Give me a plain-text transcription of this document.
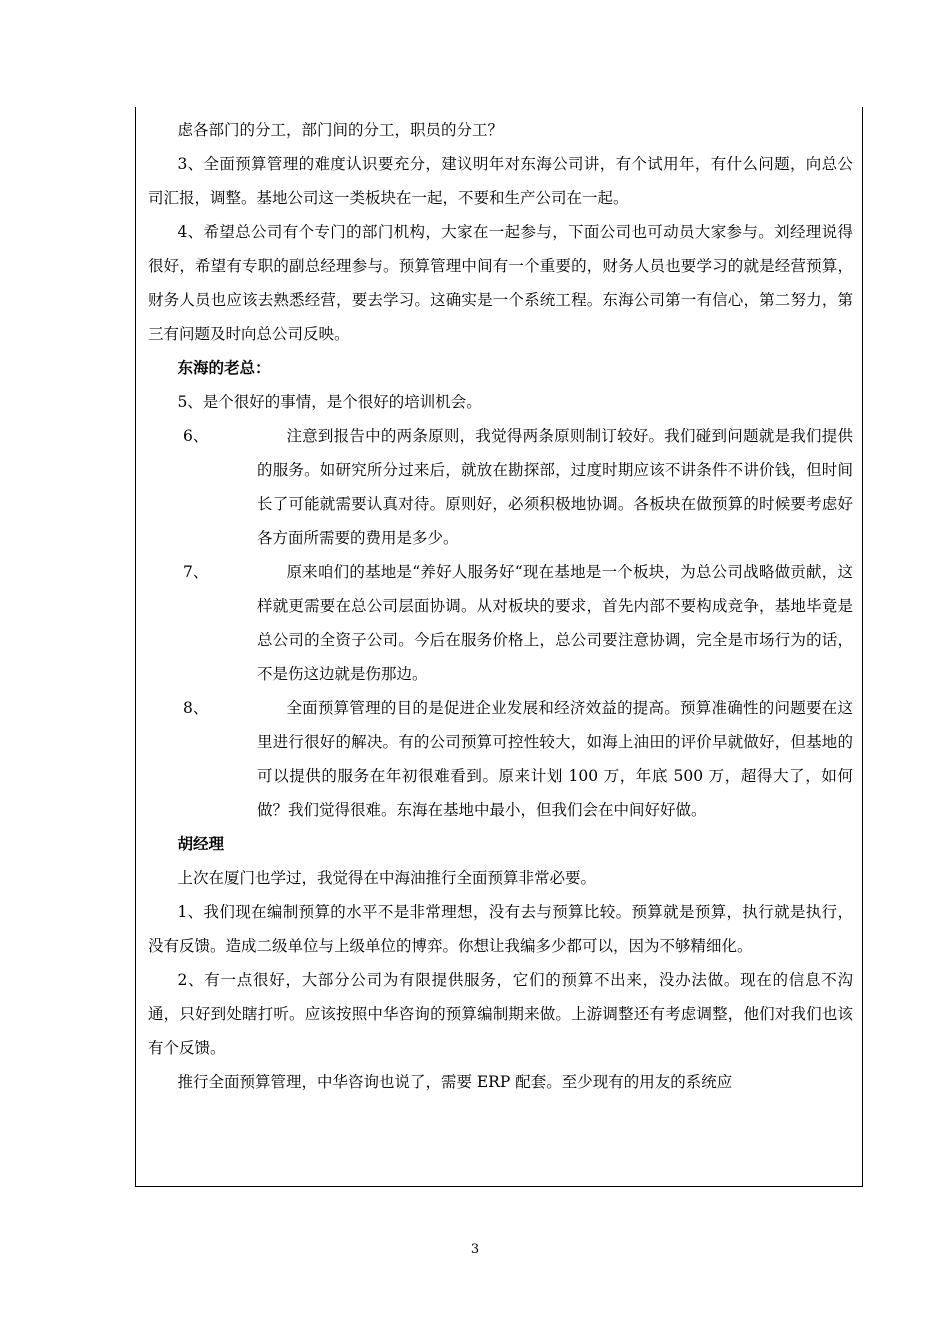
虑各部门的分工，部门间的分工，职员的分工？

3、全面预算管理的难度认识要充分，建议明年对东海公司讲，有个试用年，有什么问题，向总公司汇报，调整。基地公司这一类板块在一起，不要和生产公司在一起。

4、希望总公司有个专门的部门机构，大家在一起参与，下面公司也可动员大家参与。刘经理说得很好，希望有专职的副总经理参与。预算管理中间有一个重要的，财务人员也要学习的就是经营预算，财务人员也应该去熟悉经营，要去学习。这确实是一个系统工程。东海公司第一有信心，第二努力，第三有问题及时向总公司反映。

东海的老总：

5、是个很好的事情，是个很好的培训机会。

6、	注意到报告中的两条原则，我觉得两条原则制订较好。我们碰到问题就是我们提供的服务。如研究所分过来后，就放在勘探部，过度时期应该不讲条件不讲价钱，但时间长了可能就需要认真对待。原则好，必须积极地协调。各板块在做预算的时候要考虑好各方面所需要的费用是多少。
7、	原来咱们的基地是“养好人服务好“现在基地是一个板块，为总公司战略做贡献，这样就更需要在总公司层面协调。从对板块的要求，首先内部不要构成竞争，基地毕竟是总公司的全资子公司。今后在服务价格上，总公司要注意协调，完全是市场行为的话，不是伤这边就是伤那边。
8、	全面预算管理的目的是促进企业发展和经济效益的提高。预算准确性的问题要在这里进行很好的解决。有的公司预算可控性较大，如海上油田的评价早就做好，但基地的可以提供的服务在年初很难看到。原来计划 100 万，年底 500 万，超得大了，如何做？我们觉得很难。东海在基地中最小，但我们会在中间好好做。

胡经理

上次在厦门也学过，我觉得在中海油推行全面预算非常必要。

1、我们现在编制预算的水平不是非常理想，没有去与预算比较。预算就是预算，执行就是执行，没有反馈。造成二级单位与上级单位的博弈。你想让我编多少都可以，因为不够精细化。

2、有一点很好，大部分公司为有限提供服务，它们的预算不出来，没办法做。现在的信息不沟通，只好到处瞎打听。应该按照中华咨询的预算编制期来做。上游调整还有考虑调整，他们对我们也该有个反馈。

推行全面预算管理，中华咨询也说了，需要 ERP 配套。至少现有的用友的系统应

3
